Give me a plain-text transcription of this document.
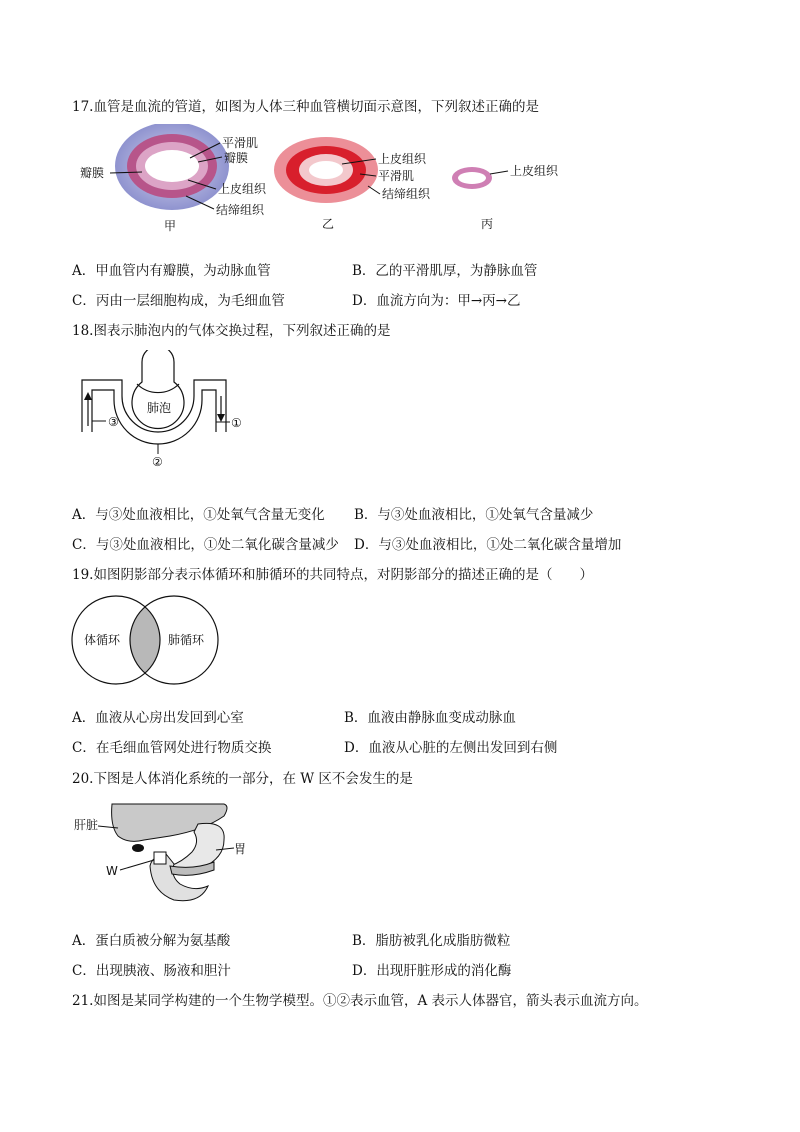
17.血管是血流的管道，如图为人体三种血管横切面示意图，下列叙述正确的是
平滑肌
瓣膜
瓣膜
上皮组织
结缔组织
甲
上皮组织
平滑肌
结缔组织
乙
上皮组织
丙
A．甲血管内有瓣膜，为动脉血管	B．乙的平滑肌厚，为静脉血管
C．丙由一层细胞构成，为毛细血管	D．血流方向为：甲→丙→乙
18.图表示肺泡内的气体交换过程，下列叙述正确的是
肺泡
③	①
②
A．与③处血液相比，①处氧气含量无变化 B．与③处血液相比，①处氧气含量减少
C．与③处血液相比，①处二氧化碳含量减少 D．与③处血液相比，①处二氧化碳含量增加
19.如图阴影部分表示体循环和肺循环的共同特点，对阴影部分的描述正确的是（　　）
体循环	肺循环
A．血液从心房出发回到心室	B．血液由静脉血变成动脉血
C．在毛细血管网处进行物质交换	D．血液从心脏的左侧出发回到右侧
20.下图是人体消化系统的一部分，在 W 区不会发生的是
肝脏
胃
W
A．蛋白质被分解为氨基酸	B．脂肪被乳化成脂肪微粒
C．出现胰液、肠液和胆汁	D．出现肝脏形成的消化酶
21.如图是某同学构建的一个生物学模型。①②表示血管，A 表示人体器官，箭头表示血流方向。
